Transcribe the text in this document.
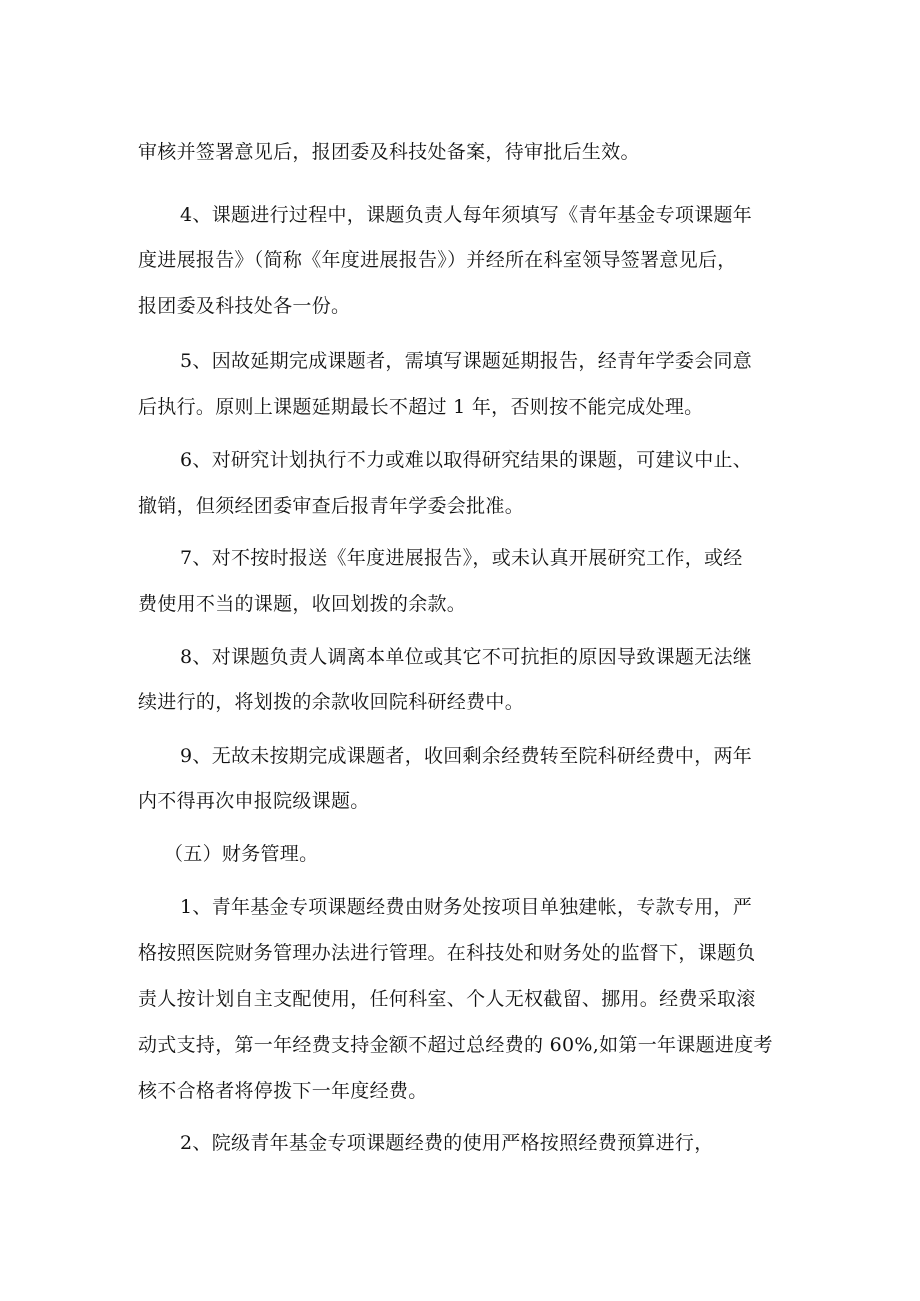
审核并签署意见后，报团委及科技处备案，待审批后生效。
4、课题进行过程中，课题负责人每年须填写《青年基金专项课题年
度进展报告》（简称《年度进展报告》）并经所在科室领导签署意见后，
报团委及科技处各一份。
5、因故延期完成课题者，需填写课题延期报告，经青年学委会同意
后执行。原则上课题延期最长不超过 1 年，否则按不能完成处理。
6、对研究计划执行不力或难以取得研究结果的课题，可建议中止、
撤销，但须经团委审查后报青年学委会批准。
7、对不按时报送《年度进展报告》，或未认真开展研究工作，或经
费使用不当的课题，收回划拨的余款。
8、对课题负责人调离本单位或其它不可抗拒的原因导致课题无法继
续进行的，将划拨的余款收回院科研经费中。
9、无故未按期完成课题者，收回剩余经费转至院科研经费中，两年
内不得再次申报院级课题。
（五）财务管理。
1、青年基金专项课题经费由财务处按项目单独建帐，专款专用，严
格按照医院财务管理办法进行管理。在科技处和财务处的监督下，课题负
责人按计划自主支配使用，任何科室、个人无权截留、挪用。经费采取滚
动式支持，第一年经费支持金额不超过总经费的 60%,如第一年课题进度考
核不合格者将停拨下一年度经费。
2、院级青年基金专项课题经费的使用严格按照经费预算进行，
